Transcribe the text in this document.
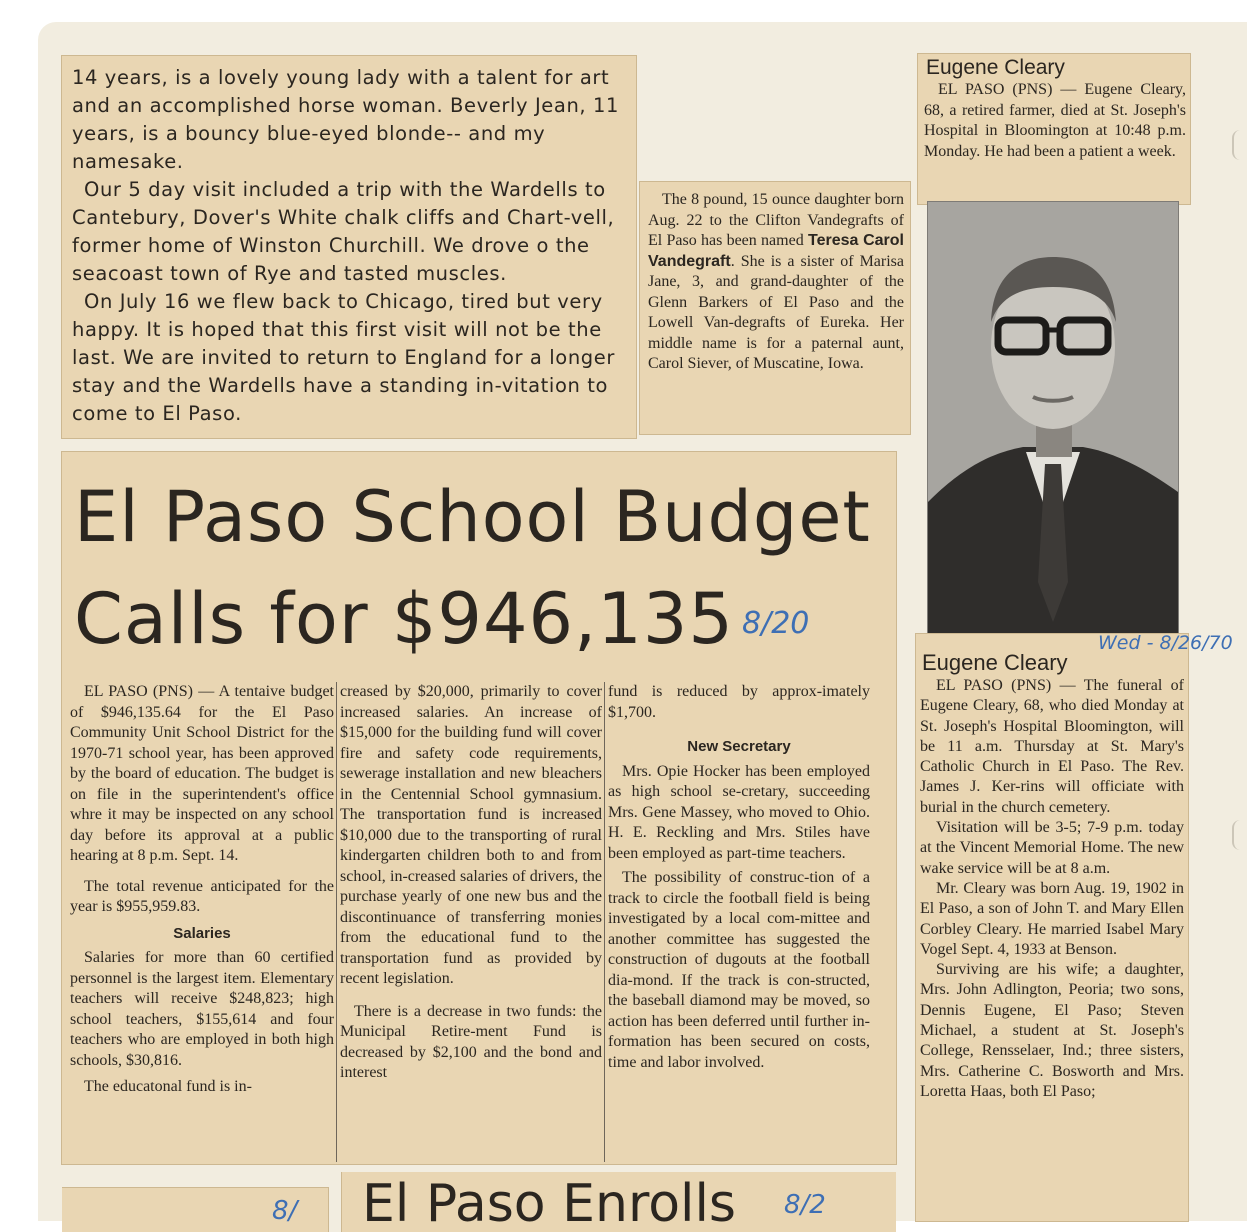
14 years, is a lovely young lady with a talent for art and an accomplished horse woman. Beverly Jean, 11 years, is a bouncy blue-eyed blonde-- and my namesake.

Our 5 day visit included a trip with the Wardells to Cantebury, Dover's White chalk cliffs and Chart-vell, former home of Winston Churchill. We drove o the seacoast town of Rye and tasted muscles.

On July 16 we flew back to Chicago, tired but very happy. It is hoped that this first visit will not be the last. We are invited to return to England for a longer stay and the Wardells have a standing in-vitation to come to El Paso.

The 8 pound, 15 ounce daughter born Aug. 22 to the Clifton Vandegrafts of El Paso has been named Teresa Carol Vandegraft. She is a sister of Marisa Jane, 3, and grand-daughter of the Glenn Barkers of El Paso and the Lowell Van-degrafts of Eureka. Her middle name is for a paternal aunt, Carol Siever, of Muscatine, Iowa.

Eugene Cleary

EL PASO (PNS) — Eugene Cleary, 68, a retired farmer, died at St. Joseph's Hospital in Bloomington at 10:48 p.m. Monday. He had been a patient a week.

Eugene Cleary

EL PASO (PNS) — The funeral of Eugene Cleary, 68, who died Monday at St. Joseph's Hospital Bloomington, will be 11 a.m. Thursday at St. Mary's Catholic Church in El Paso. The Rev. James J. Ker-rins will officiate with burial in the church cemetery.

Visitation will be 3-5; 7-9 p.m. today at the Vincent Memorial Home. The new wake service will be at 8 a.m.

Mr. Cleary was born Aug. 19, 1902 in El Paso, a son of John T. and Mary Ellen Corbley Cleary. He married Isabel Mary Vogel Sept. 4, 1933 at Benson.

Surviving are his wife; a daughter, Mrs. John Adlington, Peoria; two sons, Dennis Eugene, El Paso; Steven Michael, a student at St. Joseph's College, Rensselaer, Ind.; three sisters, Mrs. Catherine C. Bosworth and Mrs. Loretta Haas, both El Paso;

Wed - 8/26/70
El Paso School Budget
Calls for $946,135

EL PASO (PNS) — A tentaive budget of $946,135.64 for the El Paso Community Unit School District for the 1970-71 school year, has been approved by the board of education. The budget is on file in the superintendent's office whre it may be inspected on any school day before its approval at a public hearing at 8 p.m. Sept. 14.

The total revenue anticipated for the year is $955,959.83.

Salaries

Salaries for more than 60 certified personnel is the largest item. Elementary teachers will receive $248,823; high school teachers, $155,614 and four teachers who are employed in both high schools, $30,816.

The educatonal fund is in-

creased by $20,000, primarily to cover increased salaries. An increase of $15,000 for the building fund will cover fire and safety code requirements, sewerage installation and new bleachers in the Centennial School gymnasium. The transportation fund is increased $10,000 due to the transporting of rural kindergarten children both to and from school, in-creased salaries of drivers, the purchase yearly of one new bus and the discontinuance of transferring monies from the educational fund to the transportation fund as provided by recent legislation.

There is a decrease in two funds: the Municipal Retire-ment Fund is decreased by $2,100 and the bond and interest

fund is reduced by approx-imately $1,700.

New Secretary

Mrs. Opie Hocker has been employed as high school se-cretary, succeeding Mrs. Gene Massey, who moved to Ohio. H. E. Reckling and Mrs. Stiles have been employed as part-time teachers.

The possibility of construc-tion of a track to circle the football field is being investigated by a local com-mittee and another committee has suggested the construction of dugouts at the football dia-mond. If the track is con-structed, the baseball diamond may be moved, so action has been deferred until further in-formation has been secured on costs, time and labor involved.

8/20
El Paso Enrolls
8/	8/2
